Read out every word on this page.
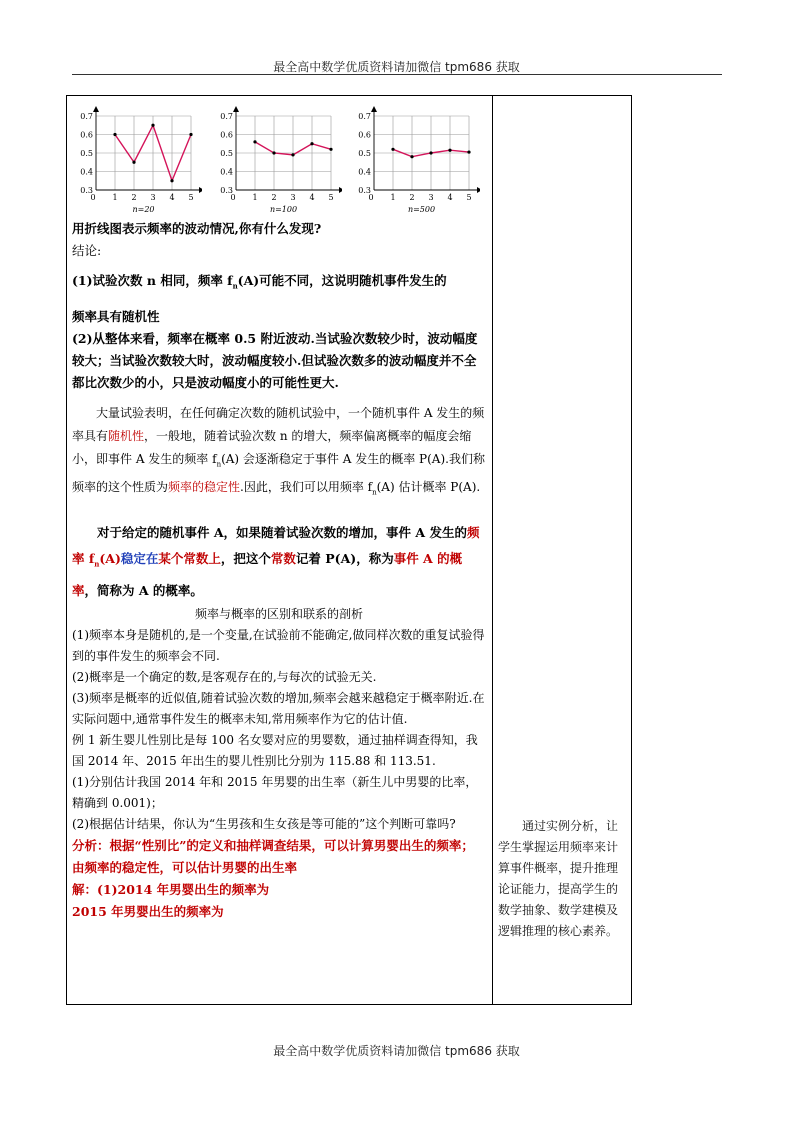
最全高中数学优质资料请加微信 tpm686 获取
0.3
0.4
0.5
0.6
0.7
0 1 2 3 4 5
n=20
0.3
0.4
0.5
0.6
0.7
0 1 2 3 4 5
n=100
0.3
0.4
0.5
0.6
0.7
0 1 2 3 4 5
n=500

用折线图表示频率的波动情况,你有什么发现?

结论:

(1)试验次数 n 相同，频率 $f_n(A)$可能不同，这说明随机事件发生的

频率具有随机性

(2)从整体来看，频率在概率 0.5 附近波动.当试验次数较少时，波动幅度较大；当试验次数较大时，波动幅度较小.但试验次数多的波动幅度并不全都比次数少的小，只是波动幅度小的可能性更大.

大量试验表明，在任何确定次数的随机试验中，一个随机事件 A 发生的频率具有随机性，一般地，随着试验次数 n 的增大，频率偏离概率的幅度会缩小，即事件 A 发生的频率 $f_n(A)$ 会逐渐稳定于事件 A 发生的概率 P(A).我们称频率的这个性质为频率的稳定性.因此，我们可以用频率 $f_n(A)$ 估计概率 P(A).

对于给定的随机事件 A，如果随着试验次数的增加，事件 A 发生的频率 $f_n(A)$稳定在某个常数上，把这个常数记着 P(A)，称为事件 A 的概率，简称为 A 的概率。

频率与概率的区别和联系的剖析

(1)频率本身是随机的,是一个变量,在试验前不能确定,做同样次数的重复试验得到的事件发生的频率会不同.

(2)概率是一个确定的数,是客观存在的,与每次的试验无关.

(3)频率是概率的近似值,随着试验次数的增加,频率会越来越稳定于概率附近.在实际问题中,通常事件发生的概率未知,常用频率作为它的估计值.

例 1 新生婴儿性别比是每 100 名女婴对应的男婴数，通过抽样调查得知，我国 2014 年、2015 年出生的婴儿性别比分别为 115.88 和 113.51.

(1)分别估计我国 2014 年和 2015 年男婴的出生率（新生儿中男婴的比率，精确到 0.001)；

(2)根据估计结果，你认为“生男孩和生女孩是等可能的”这个判断可靠吗?

分析：根据“性别比”的定义和抽样调查结果，可以计算男婴出生的频率；由频率的稳定性，可以估计男婴的出生率

解：(1)2014 年男婴出生的频率为

2015 年男婴出生的频率为

通过实例分析，让学生掌握运用频率来计算事件概率，提升推理论证能力，提高学生的数学抽象、数学建模及逻辑推理的核心素养。
最全高中数学优质资料请加微信 tpm686 获取
